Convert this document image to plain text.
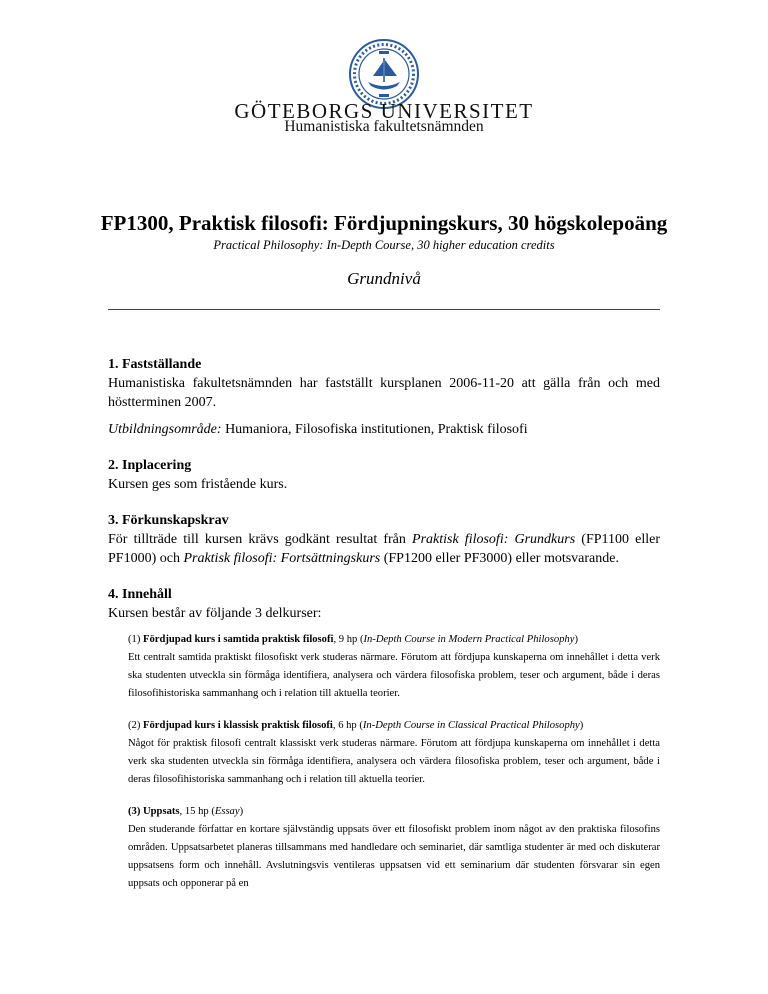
GÖTEBORGS UNIVERSITET
Humanistiska fakultetsnämnden
FP1300, Praktisk filosofi: Fördjupningskurs, 30 högskolepoäng
Practical Philosophy: In-Depth Course, 30 higher education credits
Grundnivå
1. Fastställande

Humanistiska fakultetsnämnden har fastställt kursplanen 2006-11-20 att gälla från och med höstterminen 2007.

Utbildningsområde: Humaniora, Filosofiska institutionen, Praktisk filosofi

2. Inplacering

Kursen ges som fristående kurs.

3. Förkunskapskrav

För tillträde till kursen krävs godkänt resultat från Praktisk filosofi: Grundkurs (FP1100 eller PF1000) och Praktisk filosofi: Fortsättningskurs (FP1200 eller PF3000) eller motsvarande.

4. Innehåll

Kursen består av följande 3 delkurser:

(1) Fördjupad kurs i samtida praktisk filosofi, 9 hp (In-Depth Course in Modern Practical Philosophy)
Ett centralt samtida praktiskt filosofiskt verk studeras närmare. Förutom att fördjupa kunskaperna om innehållet i detta verk ska studenten utveckla sin förmåga identifiera, analysera och värdera filosofiska problem, teser och argument, både i deras filosofihistoriska sammanhang och i relation till aktuella teorier.
(2) Fördjupad kurs i klassisk praktisk filosofi, 6 hp (In-Depth Course in Classical Practical Philosophy)
Något för praktisk filosofi centralt klassiskt verk studeras närmare. Förutom att fördjupa kunskaperna om innehållet i detta verk ska studenten utveckla sin förmåga identifiera, analysera och värdera filosofiska problem, teser och argument, både i deras filosofihistoriska sammanhang och i relation till aktuella teorier.
(3) Uppsats, 15 hp (Essay)
Den studerande författar en kortare självständig uppsats över ett filosofiskt problem inom något av den praktiska filosofins områden. Uppsatsarbetet planeras tillsammans med handledare och seminariet, där samtliga studenter är med och diskuterar uppsatsens form och innehåll. Avslutningsvis ventileras uppsatsen vid ett seminarium där studenten försvarar sin egen uppsats och opponerar på en
